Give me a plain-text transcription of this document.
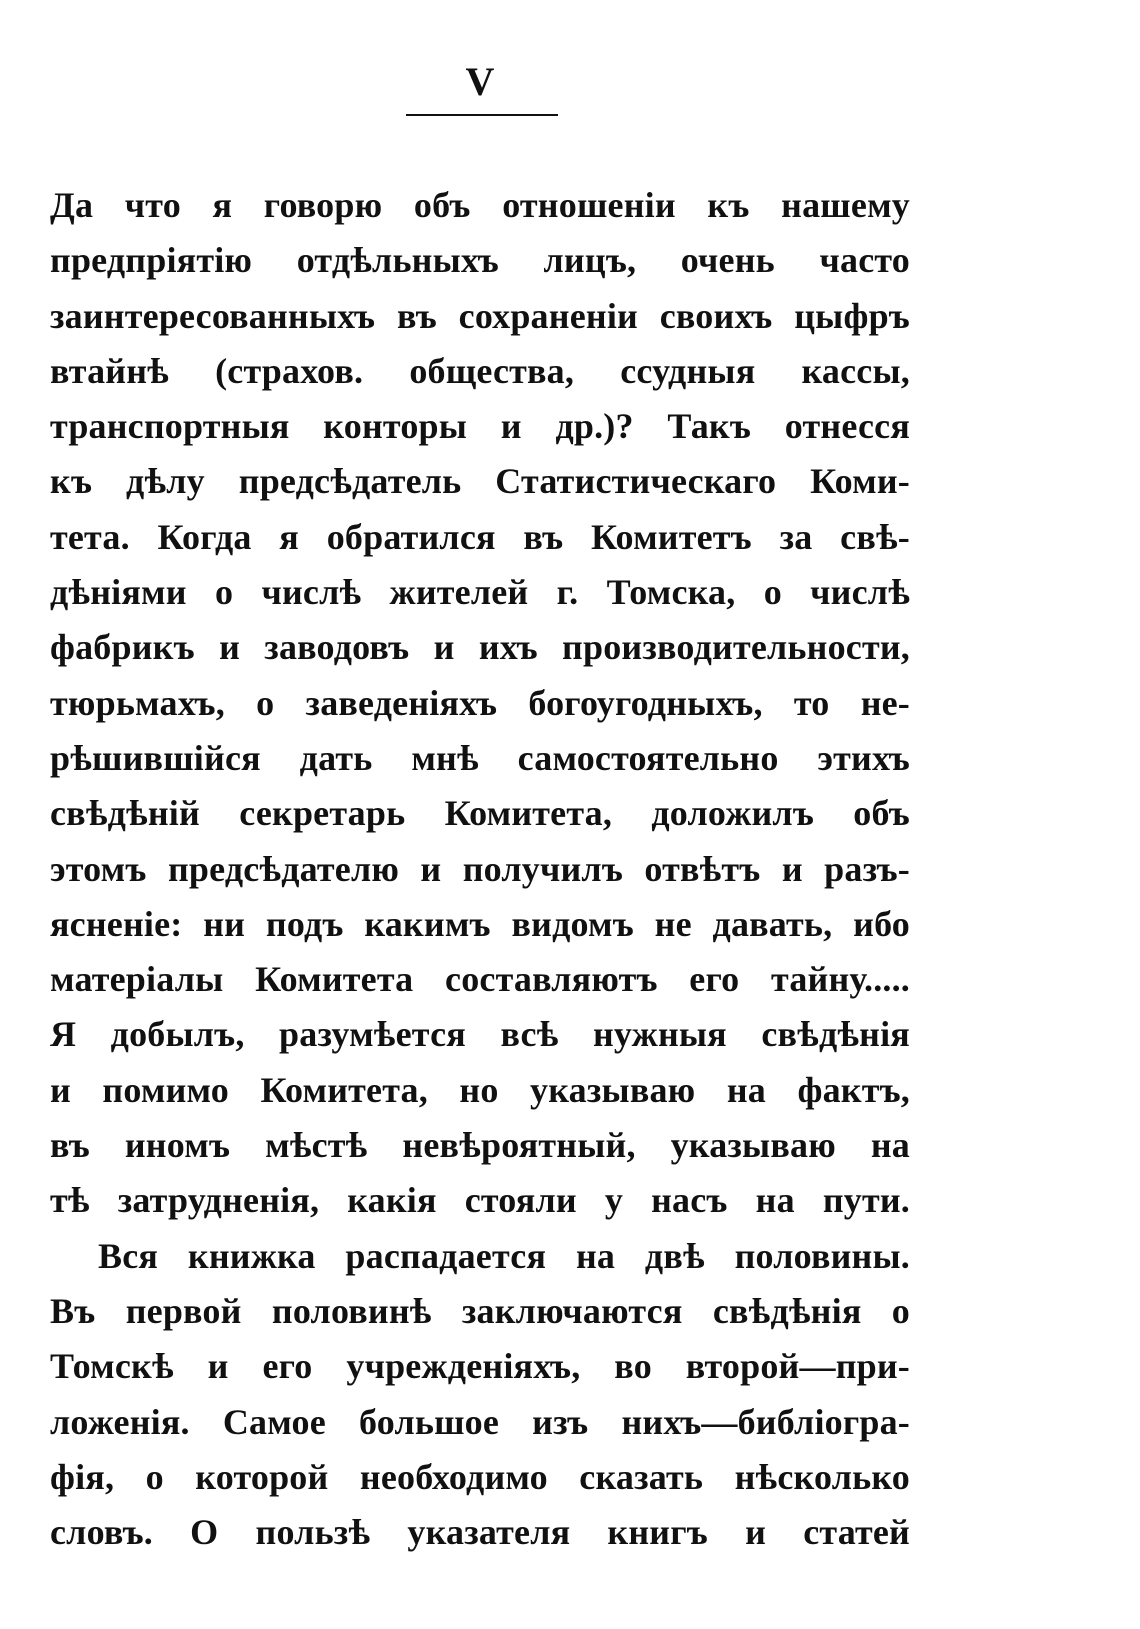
V
Да что я говорю объ отношенiи къ нашему
предпрiятiю отдѣльныхъ лицъ, очень часто
заинтересованныхъ въ сохраненiи своихъ цыфръ
втайнѣ (страхов. общества, ссудныя кассы,
транспортныя конторы и др.)? Такъ отнесся
къ дѣлу предсѣдатель Статистическаго Коми-
тета. Когда я обратился въ Комитетъ за свѣ-
дѣнiями о числѣ жителей г. Томска, о числѣ
фабрикъ и заводовъ и ихъ производительности,
тюрьмахъ, о заведенiяхъ богоугодныхъ, то не-
рѣшившiйся дать мнѣ самостоятельно этихъ
свѣдѣнiй секретарь Комитета, доложилъ объ
этомъ предсѣдателю и получилъ отвѣтъ и разъ-
ясненiе: ни подъ какимъ видомъ не давать, ибо
матерiалы Комитета составляютъ его тайну.....
Я добылъ, разумѣется всѣ нужныя свѣдѣнiя
и помимо Комитета, но указываю на фактъ,
въ иномъ мѣстѣ невѣроятный, указываю на
тѣ затрудненiя, какiя стояли у насъ на пути.
Вся книжка распадается на двѣ половины.
Въ первой половинѣ заключаются свѣдѣнiя о
Томскѣ и его учрежденiяхъ, во второй—при-
ложенiя. Самое большое изъ нихъ—библiогра-
фiя, о которой необходимо сказать нѣсколько
словъ. О пользѣ указателя книгъ и статей
